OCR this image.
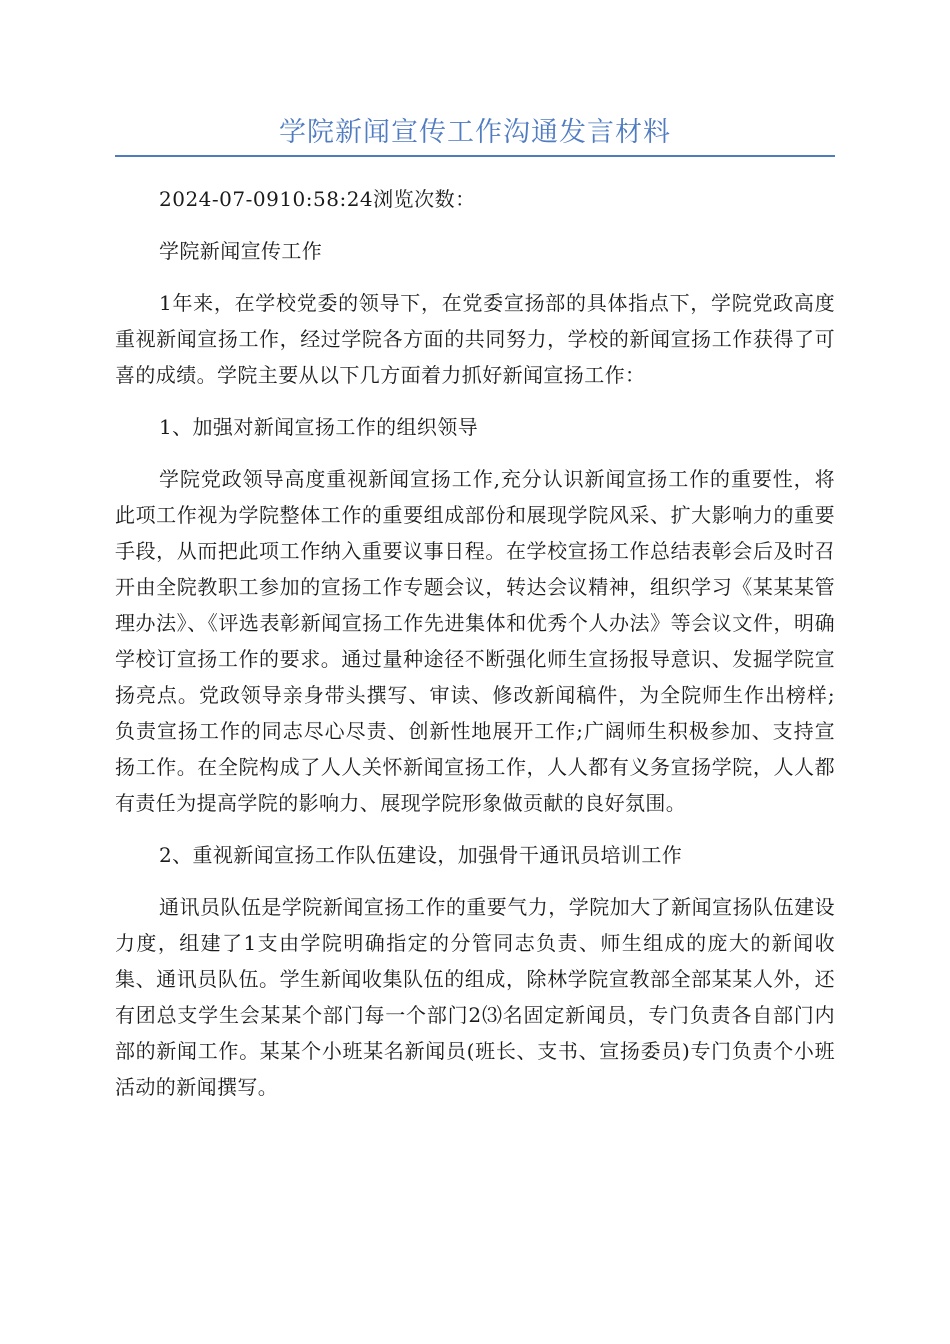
学院新闻宣传工作沟通发言材料
2024-07-0910:58:24浏览次数：

学院新闻宣传工作

1年来，在学校党委的领导下，在党委宣扬部的具体指点下，学院党政高度重视新闻宣扬工作，经过学院各方面的共同努力，学校的新闻宣扬工作获得了可喜的成绩。学院主要从以下几方面着力抓好新闻宣扬工作：

1、加强对新闻宣扬工作的组织领导

学院党政领导高度重视新闻宣扬工作,充分认识新闻宣扬工作的重要性，将此项工作视为学院整体工作的重要组成部份和展现学院风采、扩大影响力的重要手段，从而把此项工作纳入重要议事日程。在学校宣扬工作总结表彰会后及时召开由全院教职工参加的宣扬工作专题会议，转达会议精神，组织学习《某某某管理办法》、《评选表彰新闻宣扬工作先进集体和优秀个人办法》等会议文件，明确学校订宣扬工作的要求。通过量种途径不断强化师生宣扬报导意识、发掘学院宣扬亮点。党政领导亲身带头撰写、审读、修改新闻稿件，为全院师生作出榜样;负责宣扬工作的同志尽心尽责、创新性地展开工作;广阔师生积极参加、支持宣扬工作。在全院构成了人人关怀新闻宣扬工作，人人都有义务宣扬学院，人人都有责任为提高学院的影响力、展现学院形象做贡献的良好氛围。

2、重视新闻宣扬工作队伍建设，加强骨干通讯员培训工作

通讯员队伍是学院新闻宣扬工作的重要气力，学院加大了新闻宣扬队伍建设力度，组建了1支由学院明确指定的分管同志负责、师生组成的庞大的新闻收集、通讯员队伍。学生新闻收集队伍的组成，除林学院宣教部全部某某人外，还有团总支学生会某某个部门每一个部门2⑶名固定新闻员，专门负责各自部门内部的新闻工作。某某个小班某名新闻员(班长、支书、宣扬委员)专门负责个小班活动的新闻撰写。
